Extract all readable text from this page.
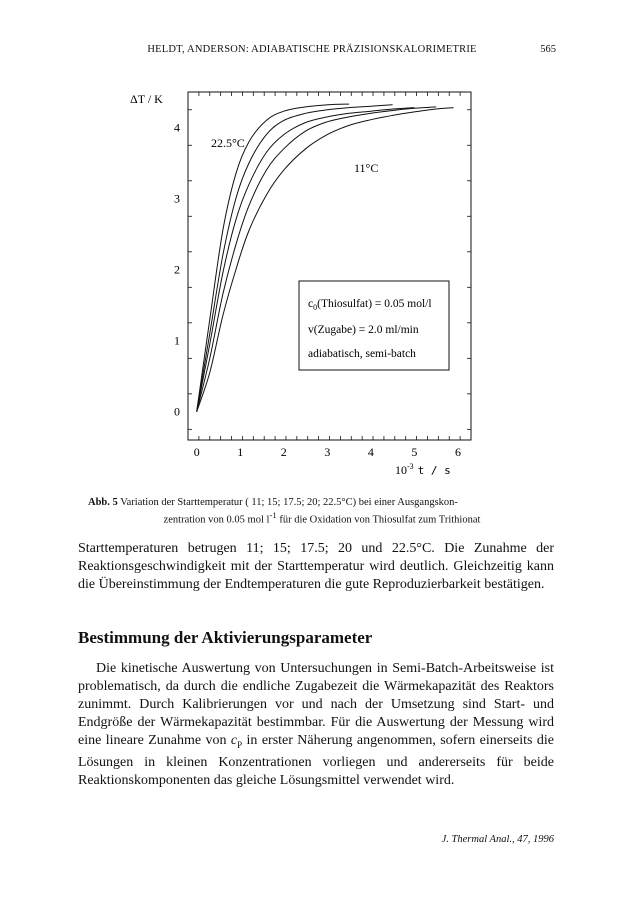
HELDT, ANDERSON: ADIABATISCHE PRÄZISIONSKALORIMETRIE	565
0
1
2
3
4
0	1	2	3	4	5	6
ΔT / K
$10^{-3}$ t / s
22.5°C
11°C
$c_0(Thiosulfat) = 0.05$ mol/l
v(Zugabe) = 2.0 ml/min
adiabatisch, semi-batch
Abb. 5 Variation der Starttemperatur ( 11; 15; 17.5; 20; 22.5°C) bei einer Ausgangskon-
zentration von 0.05 mol $l^{-1}$ für die Oxidation von Thiosulfat zum Trithionat

Starttemperaturen betrugen 11; 15; 17.5; 20 und 22.5°C. Die Zunahme der Reaktionsgeschwindigkeit mit der Starttemperatur wird deutlich. Gleichzeitig kann die Übereinstimmung der Endtemperaturen die gute Reproduzierbarkeit bestätigen.

Bestimmung der Aktivierungsparameter

Die kinetische Auswertung von Untersuchungen in Semi-Batch-Arbeitsweise ist problematisch, da durch die endliche Zugabezeit die Wärmekapazität des Reaktors zunimmt. Durch Kalibrierungen vor und nach der Umsetzung sind Start- und Endgröße der Wärmekapazität bestimmbar. Für die Auswertung der Messung wird eine lineare Zunahme von $c_P$ in erster Näherung angenommen, sofern einerseits die Lösungen in kleinen Konzentrationen vorliegen und andererseits für beide Reaktionskomponenten das gleiche Lösungsmittel verwendet wird.

J. Thermal Anal., 47, 1996
